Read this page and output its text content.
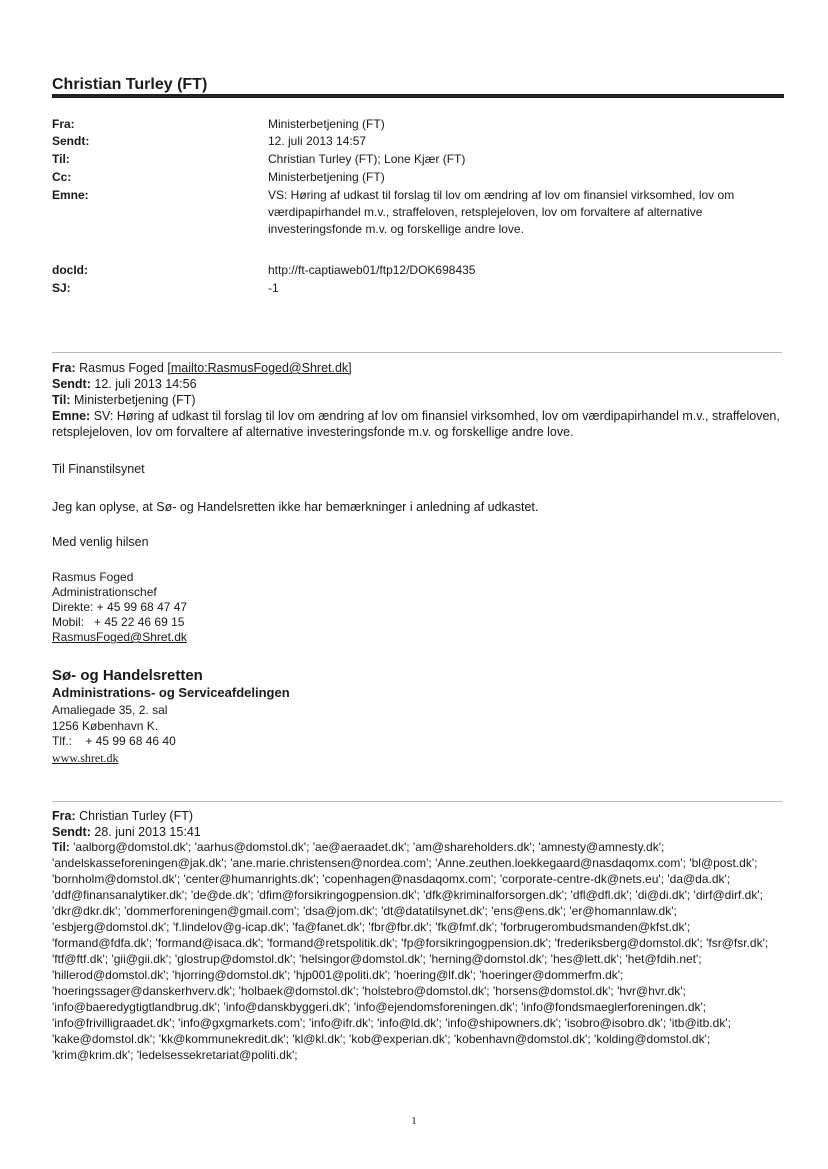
Christian Turley (FT)
Fra:	Ministerbetjening (FT)
Sendt:	12. juli 2013 14:57
Til:	Christian Turley (FT); Lone Kjær (FT)
Cc:	Ministerbetjening (FT)
Emne:	VS: Høring af udkast til forslag til lov om ændring af lov om finansiel virksomhed, lov om værdipapirhandel m.v., straffeloven, retsplejeloven, lov om forvaltere af alternative investeringsfonde m.v. og forskellige andre love.
docId:	http://ft-captiaweb01/ftp12/DOK698435
SJ:	-1
Fra: Rasmus Foged [mailto:RasmusFoged@Shret.dk]
Sendt: 12. juli 2013 14:56
Til: Ministerbetjening (FT)
Emne: SV: Høring af udkast til forslag til lov om ændring af lov om finansiel virksomhed, lov om værdipapirhandel m.v., straffeloven, retsplejeloven, lov om forvaltere af alternative investeringsfonde m.v. og forskellige andre love.
Til Finanstilsynet
Jeg kan oplyse, at Sø- og Handelsretten ikke har bemærkninger i anledning af udkastet.
Med venlig hilsen
Rasmus Foged
Administrationschef
Direkte: + 45 99 68 47 47
Mobil:   + 45 22 46 69 15
RasmusFoged@Shret.dk
Sø- og Handelsretten
Administrations- og Serviceafdelingen
Amaliegade 35, 2. sal
1256 København K.
Tlf.:    + 45 99 68 46 40
www.shret.dk
Fra: Christian Turley (FT)
Sendt: 28. juni 2013 15:41
Til: 'aalborg@domstol.dk'; 'aarhus@domstol.dk'; 'ae@aeraadet.dk'; 'am@shareholders.dk'; 'amnesty@amnesty.dk'; 'andelskasseforeningen@jak.dk'; 'ane.marie.christensen@nordea.com'; 'Anne.zeuthen.loekkegaard@nasdaqomx.com'; 'bl@post.dk'; 'bornholm@domstol.dk'; 'center@humanrights.dk'; 'copenhagen@nasdaqomx.com'; 'corporate-centre-dk@nets.eu'; 'da@da.dk'; 'ddf@finansanalytiker.dk'; 'de@de.dk'; 'dfim@forsikringogpension.dk'; 'dfk@kriminalforsorgen.dk'; 'dfl@dfl.dk'; 'di@di.dk'; 'dirf@dirf.dk'; 'dkr@dkr.dk'; 'dommerforeningen@gmail.com'; 'dsa@jom.dk'; 'dt@datatilsynet.dk'; 'ens@ens.dk'; 'er@homannlaw.dk'; 'esbjerg@domstol.dk'; 'f.lindelov@g-icap.dk'; 'fa@fanet.dk'; 'fbr@fbr.dk'; 'fk@fmf.dk'; 'forbrugerombudsmanden@kfst.dk'; 'formand@fdfa.dk'; 'formand@isaca.dk'; 'formand@retspolitik.dk'; 'fp@forsikringogpension.dk'; 'frederiksberg@domstol.dk'; 'fsr@fsr.dk'; 'ftf@ftf.dk'; 'gii@gii.dk'; 'glostrup@domstol.dk'; 'helsingor@domstol.dk'; 'herning@domstol.dk'; 'hes@lett.dk'; 'het@fdih.net'; 'hillerod@domstol.dk'; 'hjorring@domstol.dk'; 'hjp001@politi.dk'; 'hoering@lf.dk'; 'hoeringer@dommerfm.dk'; 'hoeringssager@danskerhverv.dk'; 'holbaek@domstol.dk'; 'holstebro@domstol.dk'; 'horsens@domstol.dk'; 'hvr@hvr.dk'; 'info@baeredygtigtlandbrug.dk'; 'info@danskbyggeri.dk'; 'info@ejendomsforeningen.dk'; 'info@fondsmaeglerforeningen.dk'; 'info@frivilligraadet.dk'; 'info@gxgmarkets.com'; 'info@ifr.dk'; 'info@ld.dk'; 'info@shipowners.dk'; 'isobro@isobro.dk'; 'itb@itb.dk'; 'kake@domstol.dk'; 'kk@kommunekredit.dk'; 'kl@kl.dk'; 'kob@experian.dk'; 'kobenhavn@domstol.dk'; 'kolding@domstol.dk'; 'krim@krim.dk'; 'ledelsessekretariat@politi.dk';
1
